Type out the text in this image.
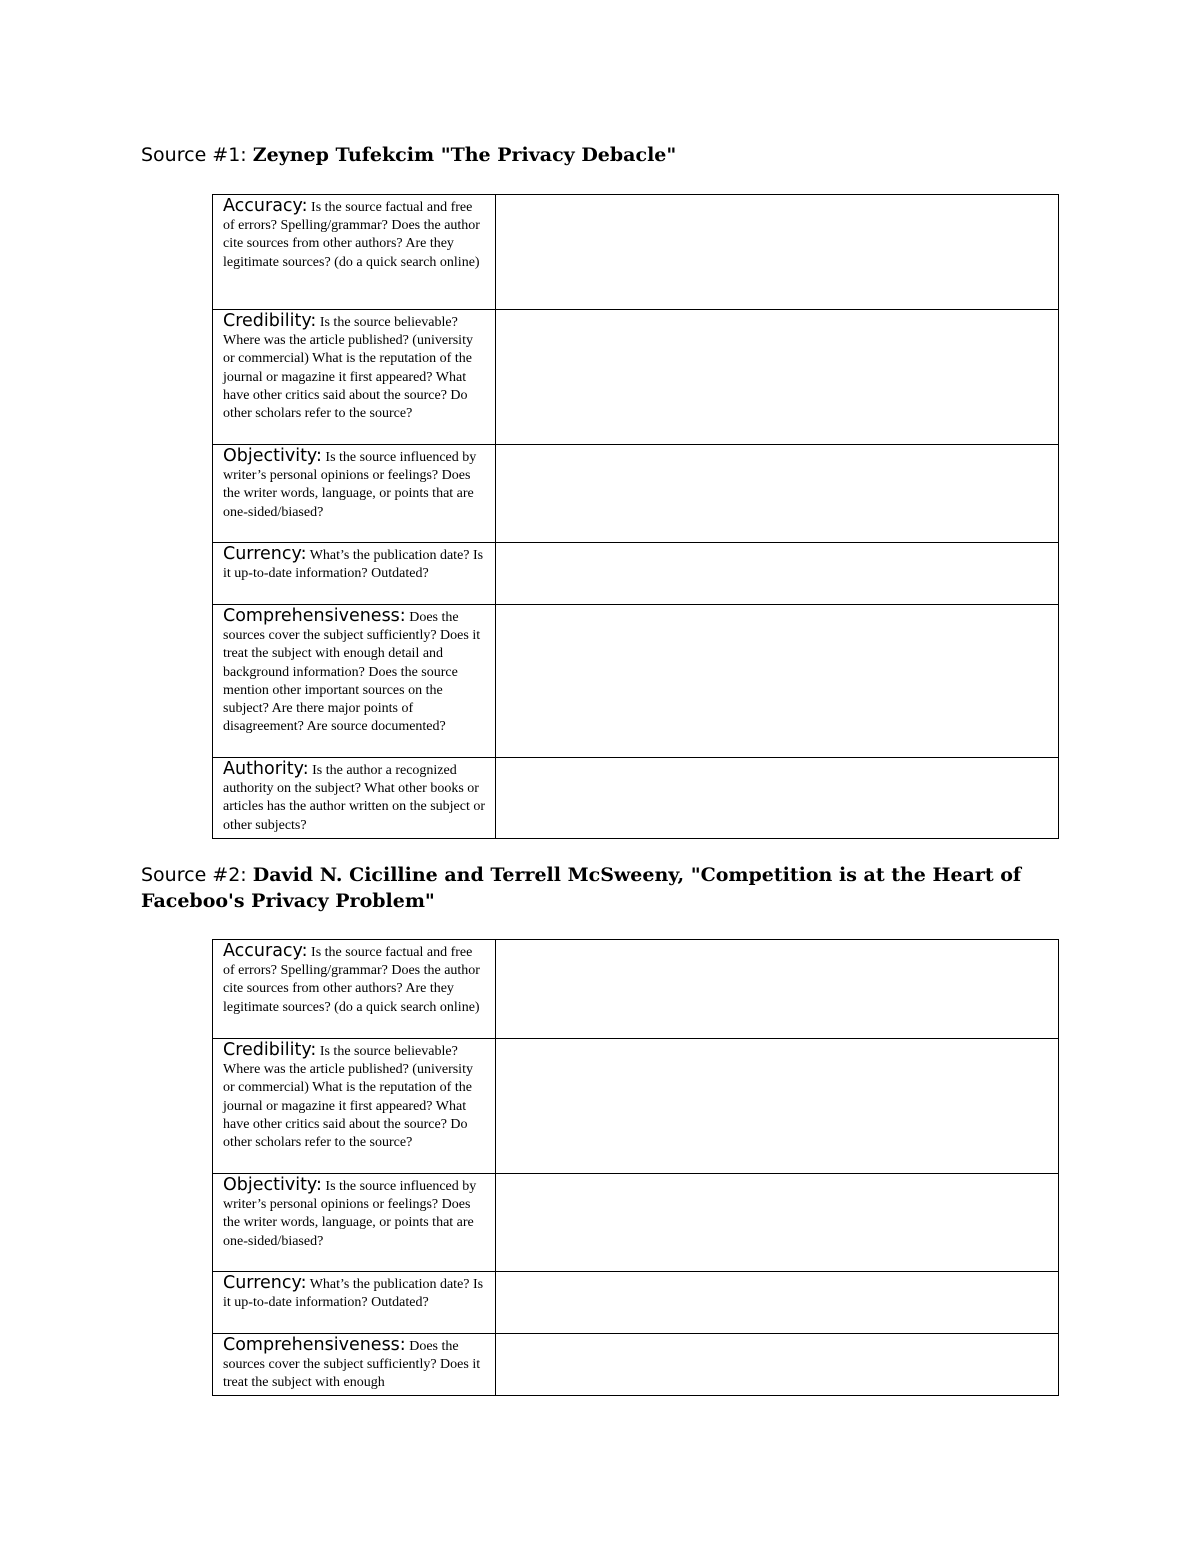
Source #1: Zeynep Tufekcim "The Privacy Debacle"
Accuracy: Is the source factual and free of errors? Spelling/grammar? Does the author cite sources from other authors? Are they legitimate sources? (do a quick search online)	
Credibility: Is the source believable? Where was the article published? (university or commercial) What is the reputation of the journal or magazine it first appeared? What have other critics said about the source? Do other scholars refer to the source?	
Objectivity: Is the source influenced by writer’s personal opinions or feelings? Does the writer words, language, or points that are one-sided/biased?	
Currency: What’s the publication date? Is it up-to-date information? Outdated?	
Comprehensiveness: Does the sources cover the subject sufficiently? Does it treat the subject with enough detail and background information? Does the source mention other important sources on the subject? Are there major points of disagreement? Are source documented?	
Authority: Is the author a recognized authority on the subject? What other books or articles has the author written on the subject or other subjects?	
Source #2: David N. Cicilline and Terrell McSweeny, "Competition is at the Heart of Faceboo's Privacy Problem"
Accuracy: Is the source factual and free of errors? Spelling/grammar? Does the author cite sources from other authors? Are they legitimate sources? (do a quick search online)	
Credibility: Is the source believable? Where was the article published? (university or commercial) What is the reputation of the journal or magazine it first appeared? What have other critics said about the source? Do other scholars refer to the source?	
Objectivity: Is the source influenced by writer’s personal opinions or feelings? Does the writer words, language, or points that are one-sided/biased?	
Currency: What’s the publication date? Is it up-to-date information? Outdated?	
Comprehensiveness: Does the sources cover the subject sufficiently? Does it treat the subject with enough	
